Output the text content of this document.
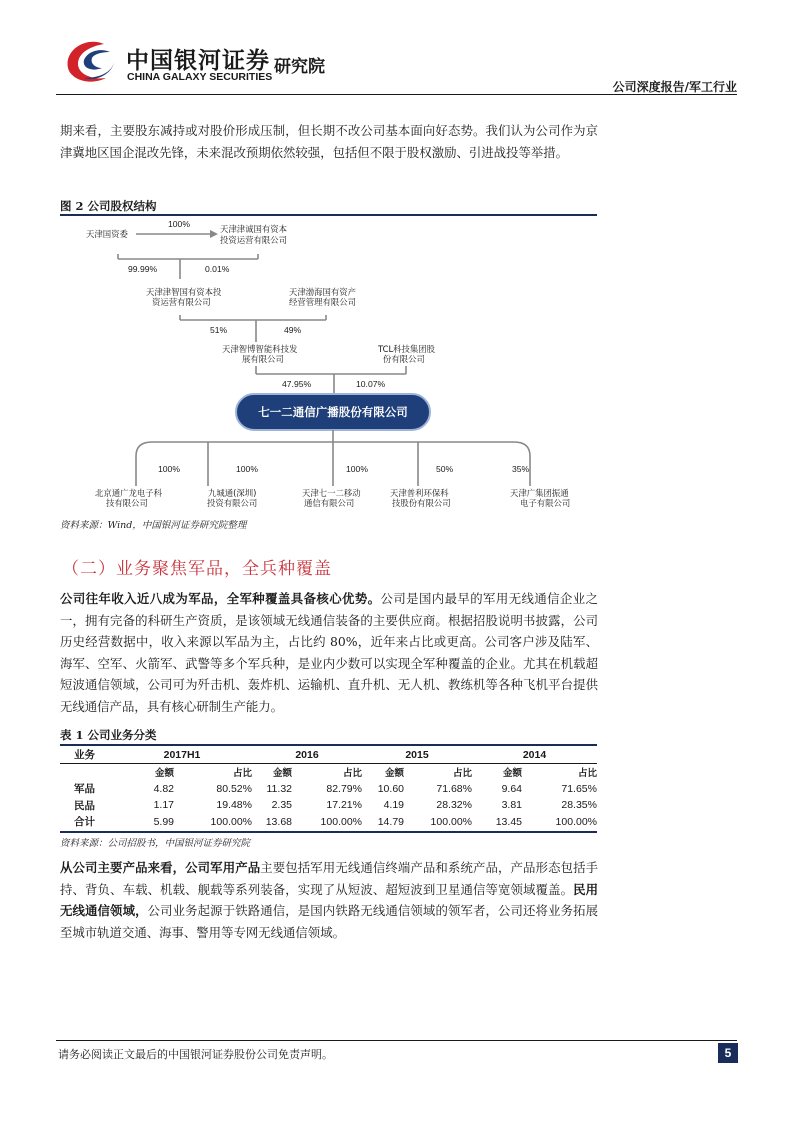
中国银河证券
CHINA GALAXY SECURITIES 研究院
公司深度报告/军工行业
期来看，主要股东减持或对股价形成压制，但长期不改公司基本面向好态势。我们认为公司作为京津冀地区国企混改先锋，未来混改预期依然较强，包括但不限于股权激励、引进战投等举措。
图 2 公司股权结构
天津国资委
100%	天津津诚国有资本
投资运营有限公司
99.99%	0.01%
天津津智国有资本投
资运营有限公司
天津渤海国有资产
经营管理有限公司
51%	49%
天津智博智能科技发
展有限公司
TCL科技集团股
份有限公司
47.95%	10.07%
七一二通信广播股份有限公司
100%	100%	100%	50%	35%
北京通广龙电子科
技有限公司
九城通(深圳)
投资有限公司
天津七一二移动
通信有限公司
天津普利环保科
技股份有限公司
天津广集团振通
电子有限公司
资料来源：Wind，中国银河证券研究院整理
（二）业务聚焦军品，全兵种覆盖
公司往年收入近八成为军品，全军种覆盖具备核心优势。公司是国内最早的军用无线通信企业之一，拥有完备的科研生产资质，是该领域无线通信装备的主要供应商。根据招股说明书披露，公司历史经营数据中，收入来源以军品为主，占比约 80%，近年来占比或更高。公司客户涉及陆军、海军、空军、火箭军、武警等多个军兵种，是业内少数可以实现全军种覆盖的企业。尤其在机载超短波通信领域，公司可为歼击机、轰炸机、运输机、直升机、无人机、教练机等各种飞机平台提供无线通信产品，具有核心研制生产能力。
表 1 公司业务分类
业务	2017H1		2016		2015		2014	
	金额	占比	金额	占比	金额	占比	金额	占比
军品	4.82	80.52%	11.32	82.79%	10.60	71.68%	9.64	71.65%
民品	1.17	19.48%	2.35	17.21%	4.19	28.32%	3.81	28.35%
合计	5.99	100.00%	13.68	100.00%	14.79	100.00%	13.45	100.00%
资料来源：公司招股书，中国银河证券研究院
从公司主要产品来看，公司军用产品主要包括军用无线通信终端产品和系统产品，产品形态包括手持、背负、车载、机载、舰载等系列装备，实现了从短波、超短波到卫星通信等宽领域覆盖。民用无线通信领域，公司业务起源于铁路通信，是国内铁路无线通信领域的领军者，公司还将业务拓展至城市轨道交通、海事、警用等专网无线通信领域。
请务必阅读正文最后的中国银河证券股份公司免责声明。	5
